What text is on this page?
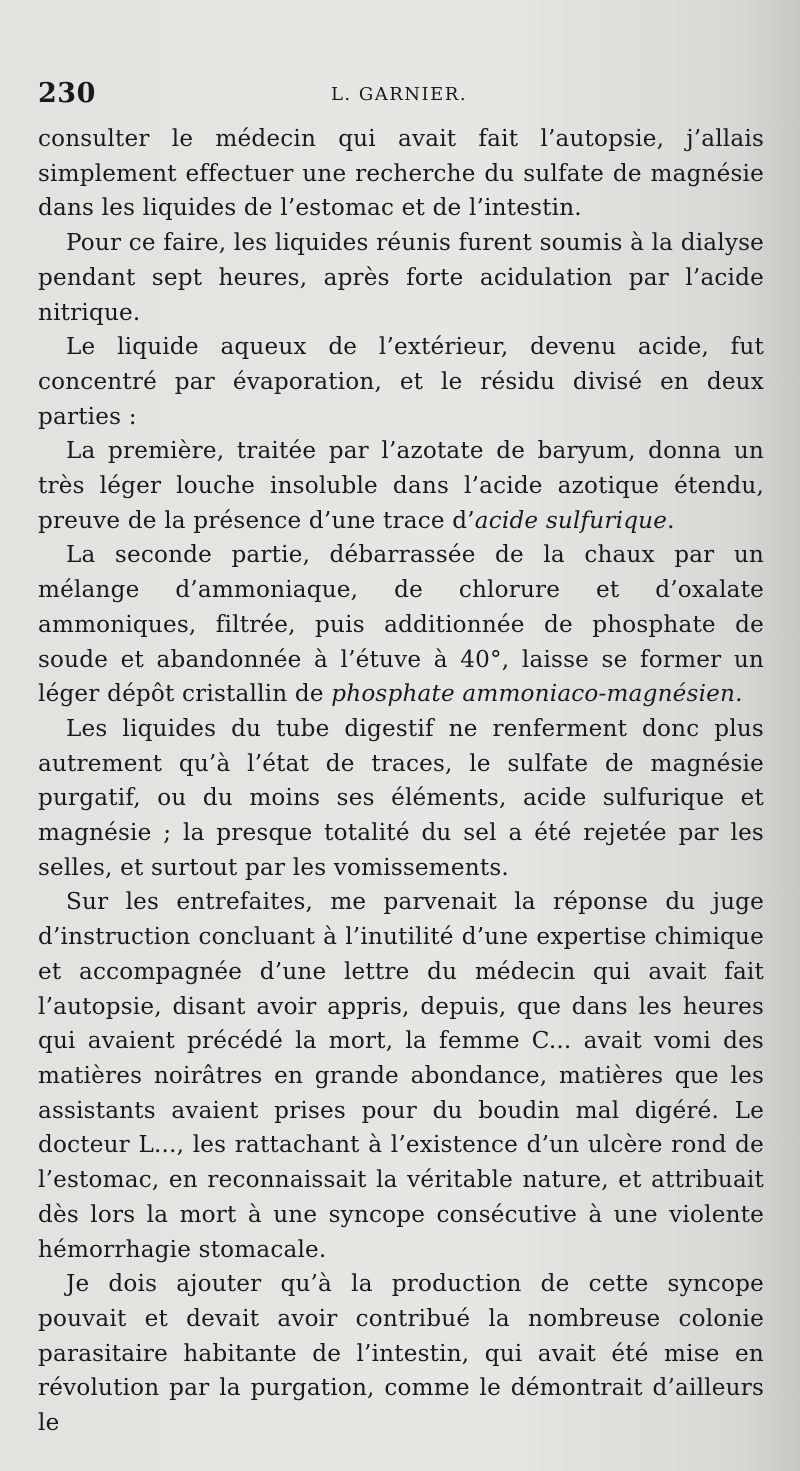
230	L. GARNIER.

consulter le médecin qui avait fait l’autopsie, j’allais simplement effectuer une recherche du sulfate de magnésie dans les liquides de l’estomac et de l’intestin.

Pour ce faire, les liquides réunis furent soumis à la dialyse pendant sept heures, après forte acidulation par l’acide nitrique.

Le liquide aqueux de l’extérieur, devenu acide, fut concentré par évaporation, et le résidu divisé en deux parties :

La première, traitée par l’azotate de baryum, donna un très léger louche insoluble dans l’acide azotique étendu, preuve de la présence d’une trace d’acide sulfurique.

La seconde partie, débarrassée de la chaux par un mélange d’ammoniaque, de chlorure et d’oxalate ammoniques, filtrée, puis additionnée de phosphate de soude et abandonnée à l’étuve à 40°, laisse se former un léger dépôt cristallin de phosphate ammoniaco-magnésien.

Les liquides du tube digestif ne renferment donc plus autrement qu’à l’état de traces, le sulfate de magnésie purgatif, ou du moins ses éléments, acide sulfurique et magnésie ; la presque totalité du sel a été rejetée par les selles, et surtout par les vomissements.

Sur les entrefaites, me parvenait la réponse du juge d’instruction concluant à l’inutilité d’une expertise chimique et accompagnée d’une lettre du médecin qui avait fait l’autopsie, disant avoir appris, depuis, que dans les heures qui avaient précédé la mort, la femme C... avait vomi des matières noirâtres en grande abondance, matières que les assistants avaient prises pour du boudin mal digéré. Le docteur L..., les rattachant à l’existence d’un ulcère rond de l’estomac, en reconnaissait la véritable nature, et attribuait dès lors la mort à une syncope consécutive à une violente hémorrhagie stomacale.

Je dois ajouter qu’à la production de cette syncope pouvait et devait avoir contribué la nombreuse colonie parasitaire habitante de l’intestin, qui avait été mise en révolution par la purgation, comme le démontrait d’ailleurs le
